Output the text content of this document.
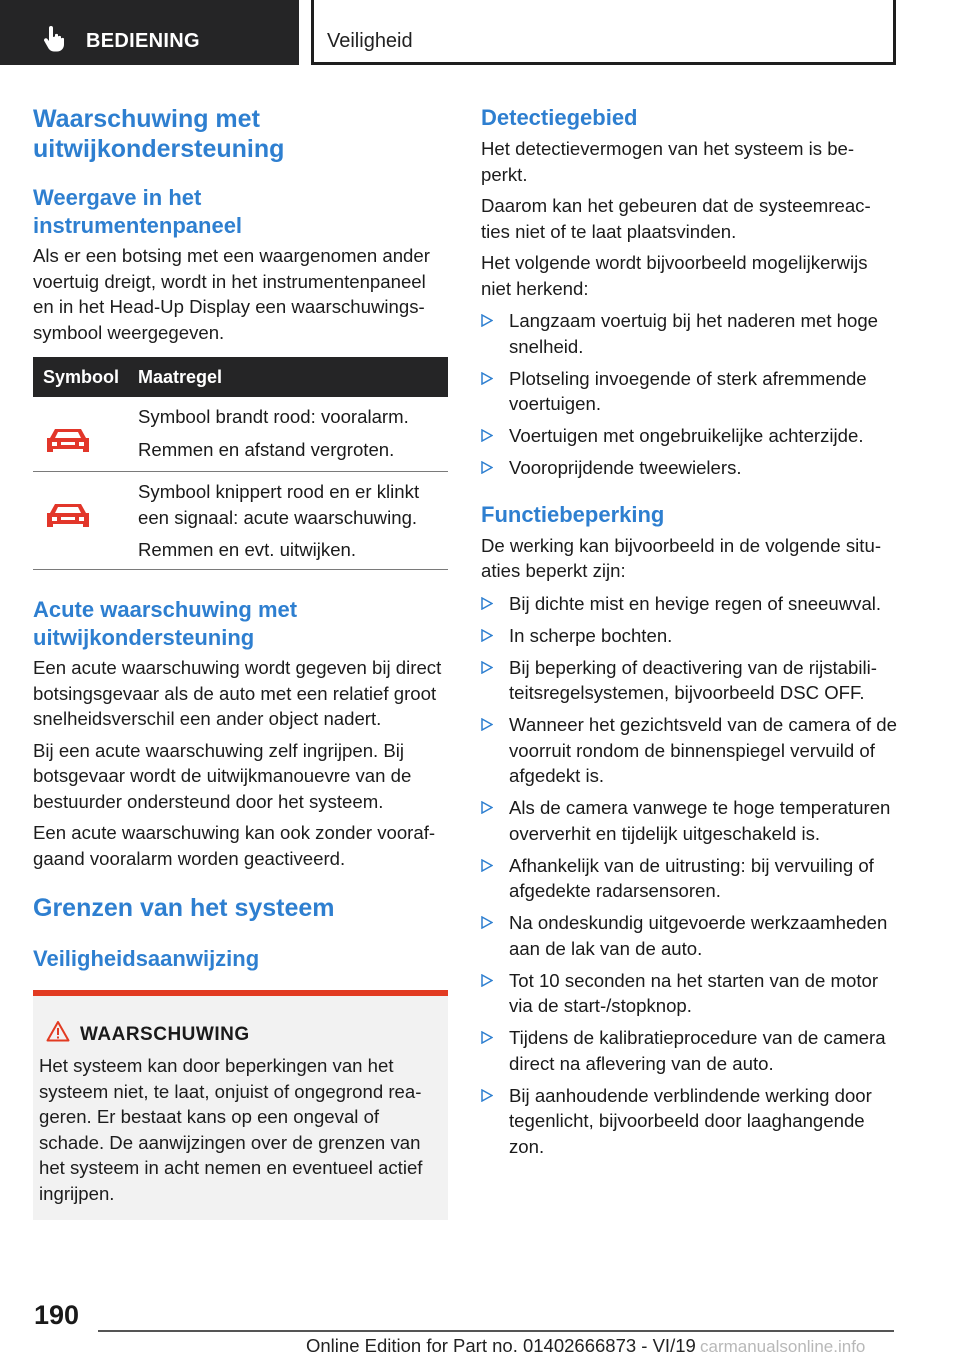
BEDIENING	Veiligheid
Waarschuwing met uitwijkondersteuning
Weergave in het instrumentenpaneel

Als er een botsing met een waargenomen ander voertuig dreigt, wordt in het instrumentenpaneel en in het Head-Up Display een waarschuwingssymbool weergegeven.

Symbool	Maatregel

Symbool brandt rood: vooralarm.

Remmen en afstand vergroten.

Symbool knippert rood en er klinkt een signaal: acute waarschuwing.

Remmen en evt. uitwijken.

Acute waarschuwing met uitwijkondersteuning

Een acute waarschuwing wordt gegeven bij direct botsingsgevaar als de auto met een relatief groot snelheidsverschil een ander object nadert.

Bij een acute waarschuwing zelf ingrijpen. Bij botsgevaar wordt de uitwijkmanouevre van de bestuurder ondersteund door het systeem.

Een acute waarschuwing kan ook zonder voorafgaand vooralarm worden geactiveerd.

Grenzen van het systeem
Veiligheidsaanwijzing
WAARSCHUWING
Het systeem kan door beperkingen van het systeem niet, te laat, onjuist of ongegrond reageren. Er bestaat kans op een ongeval of schade. De aanwijzingen over de grenzen van het systeem in acht nemen en eventueel actief ingrijpen.
Detectiegebied

Het detectievermogen van het systeem is beperkt.

Daarom kan het gebeuren dat de systeemreacties niet of te laat plaatsvinden.

Het volgende wordt bijvoorbeeld mogelijkerwijs niet herkend:

Langzaam voertuig bij het naderen met hoge snelheid.
Plotseling invoegende of sterk afremmende voertuigen.
Voertuigen met ongebruikelijke achterzijde.
Vooroprijdende tweewielers.
Functiebeperking

De werking kan bijvoorbeeld in de volgende situaties beperkt zijn:

Bij dichte mist en hevige regen of sneeuwval.
In scherpe bochten.
Bij beperking of deactivering van de rijstabiliteitsregelsystemen, bijvoorbeeld DSC OFF.
Wanneer het gezichtsveld van de camera of de voorruit rondom de binnenspiegel vervuild of afgedekt is.
Als de camera vanwege te hoge temperaturen oververhit en tijdelijk uitgeschakeld is.
Afhankelijk van de uitrusting: bij vervuiling of afgedekte radarsensoren.
Na ondeskundig uitgevoerde werkzaamheden aan de lak van de auto.
Tot 10 seconden na het starten van de motor via de start-/stopknop.
Tijdens de kalibratieprocedure van de camera direct na aflevering van de auto.
Bij aanhoudende verblindende werking door tegenlicht, bijvoorbeeld door laaghangende zon.
190
Online Edition for Part no. 01402666873 - VI/19 carmanualsonline.info
